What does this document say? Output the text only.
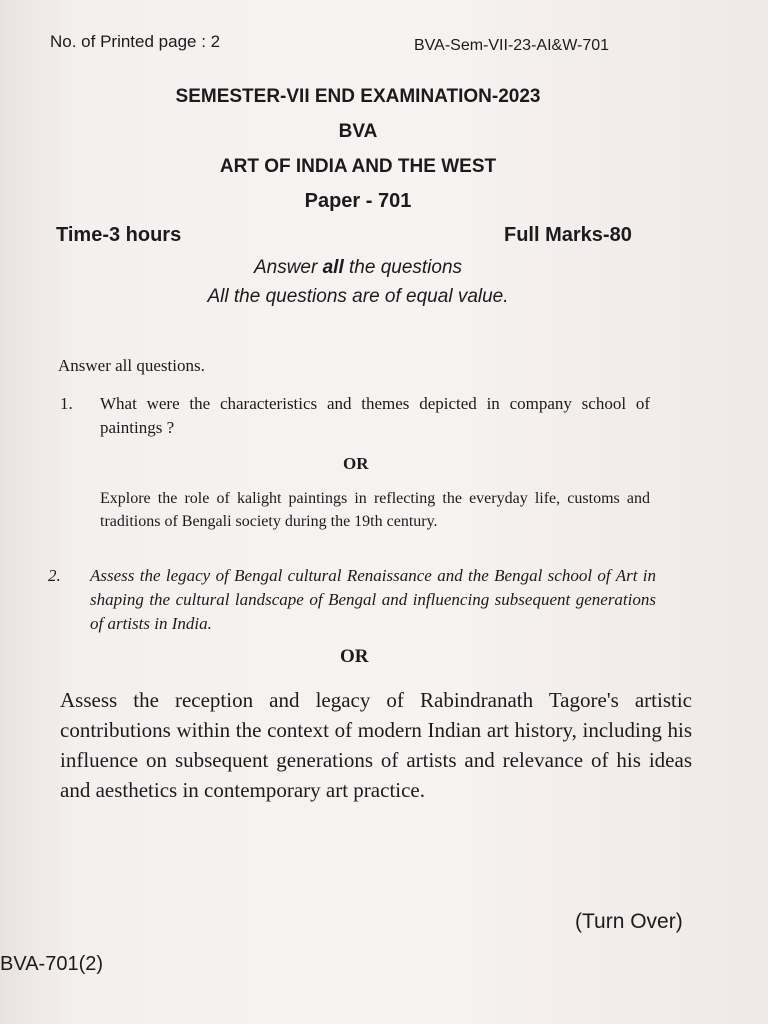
No. of Printed page : 2	BVA-Sem-VII-23-AI&W-701
SEMESTER-VII END EXAMINATION-2023
BVA
ART OF INDIA AND THE WEST
Paper - 701
Time-3 hours	Full Marks-80
Answer all the questions
All the questions are of equal value.
Answer all questions.
1. What were the characteristics and themes depicted in company school of paintings ?
OR
Explore the role of kalight paintings in reflecting the everyday life, customs and traditions of Bengali society during the 19th century.
2. Assess the legacy of Bengal cultural Renaissance and the Bengal school of Art in shaping the cultural landscape of Bengal and influencing subsequent generations of artists in India.
OR
Assess the reception and legacy of Rabindranath Tagore's artistic contributions within the context of modern Indian art history, including his influence on subsequent generations of artists and relevance of his ideas and aesthetics in contemporary art practice.
(Turn Over)
BVA-701(2)
